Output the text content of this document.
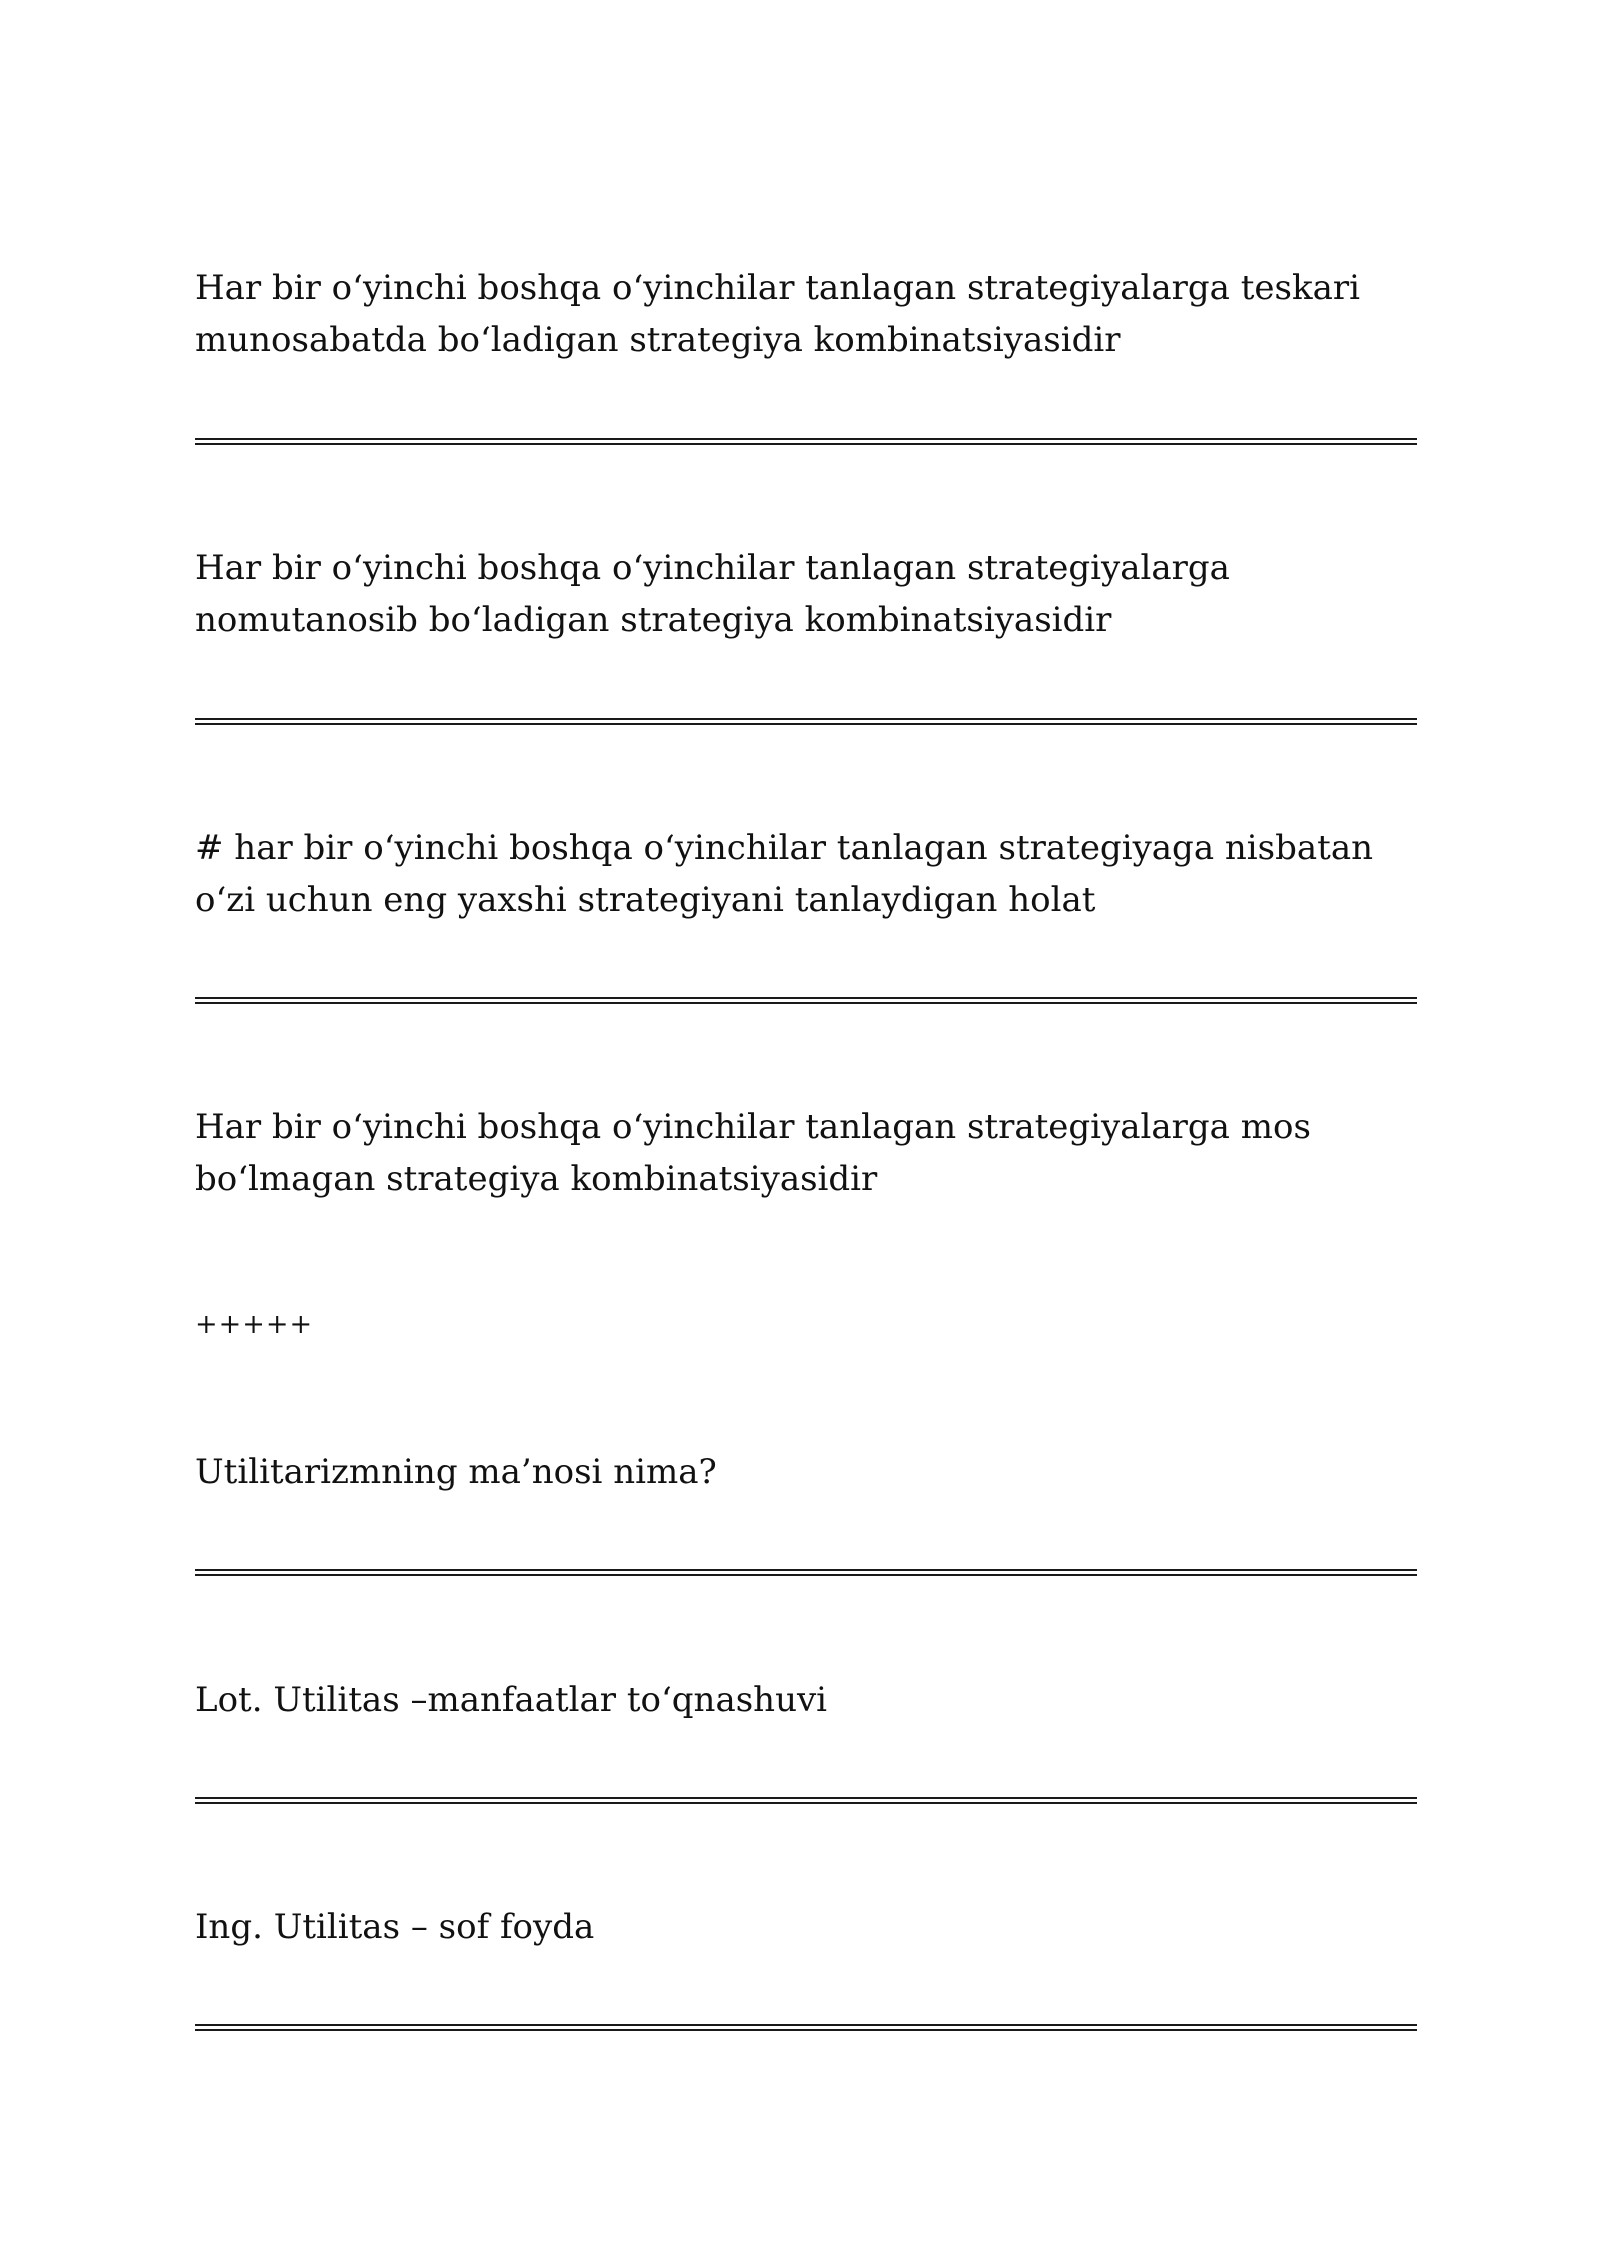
Har bir o‘yinchi boshqa o‘yinchilar tanlagan strategiyalarga teskari munosabatda bo‘ladigan strategiya kombinatsiyasidir

Har bir o‘yinchi boshqa o‘yinchilar tanlagan strategiyalarga nomutanosib bo‘ladigan strategiya kombinatsiyasidir

# har bir o‘yinchi boshqa o‘yinchilar tanlagan strategiyaga nisbatan o‘zi uchun eng yaxshi strategiyani tanlaydigan holat

Har bir o‘yinchi boshqa o‘yinchilar tanlagan strategiyalarga mos bo‘lmagan strategiya kombinatsiyasidir

+++++

Utilitarizmning ma’nosi nima?

Lot. Utilitas –manfaatlar to‘qnashuvi

Ing. Utilitas – sof foyda
